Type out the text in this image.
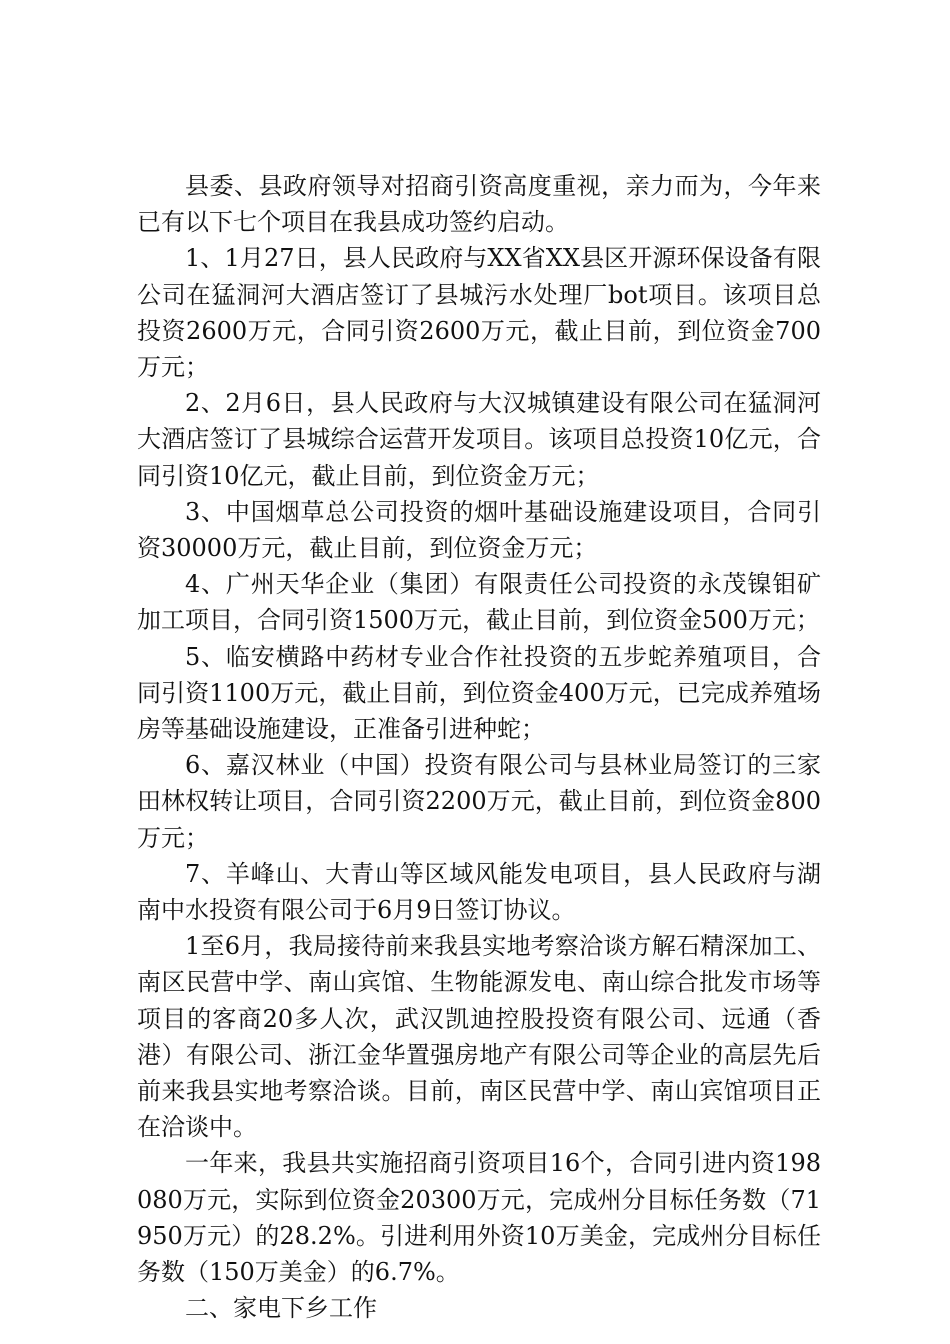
县委、县政府领导对招商引资高度重视，亲力而为，今年来已有以下七个项目在我县成功签约启动。

1、1月27日，县人民政府与XX省XX县区开源环保设备有限公司在猛洞河大酒店签订了县城污水处理厂bot项目。该项目总投资2600万元，合同引资2600万元，截止目前，到位资金700万元；

2、2月6日，县人民政府与大汉城镇建设有限公司在猛洞河大酒店签订了县城综合运营开发项目。该项目总投资10亿元，合同引资10亿元，截止目前，到位资金万元；

3、中国烟草总公司投资的烟叶基础设施建设项目，合同引资30000万元，截止目前，到位资金万元；

4、广州天华企业（集团）有限责任公司投资的永茂镍钼矿加工项目，合同引资1500万元，截止目前，到位资金500万元；

5、临安横路中药材专业合作社投资的五步蛇养殖项目，合同引资1100万元，截止目前，到位资金400万元，已完成养殖场房等基础设施建设，正准备引进种蛇；

6、嘉汉林业（中国）投资有限公司与县林业局签订的三家田林权转让项目，合同引资2200万元，截止目前，到位资金800万元；

7、羊峰山、大青山等区域风能发电项目，县人民政府与湖南中水投资有限公司于6月9日签订协议。

1至6月，我局接待前来我县实地考察洽谈方解石精深加工、南区民营中学、南山宾馆、生物能源发电、南山综合批发市场等项目的客商20多人次，武汉凯迪控股投资有限公司、远通（香港）有限公司、浙江金华置强房地产有限公司等企业的高层先后前来我县实地考察洽谈。目前，南区民营中学、南山宾馆项目正在洽谈中。

一年来，我县共实施招商引资项目16个，合同引进内资198080万元，实际到位资金20300万元，完成州分目标任务数（71950万元）的28.2%。引进利用外资10万美金，完成州分目标任务数（150万美金）的6.7%。

二、家电下乡工作
